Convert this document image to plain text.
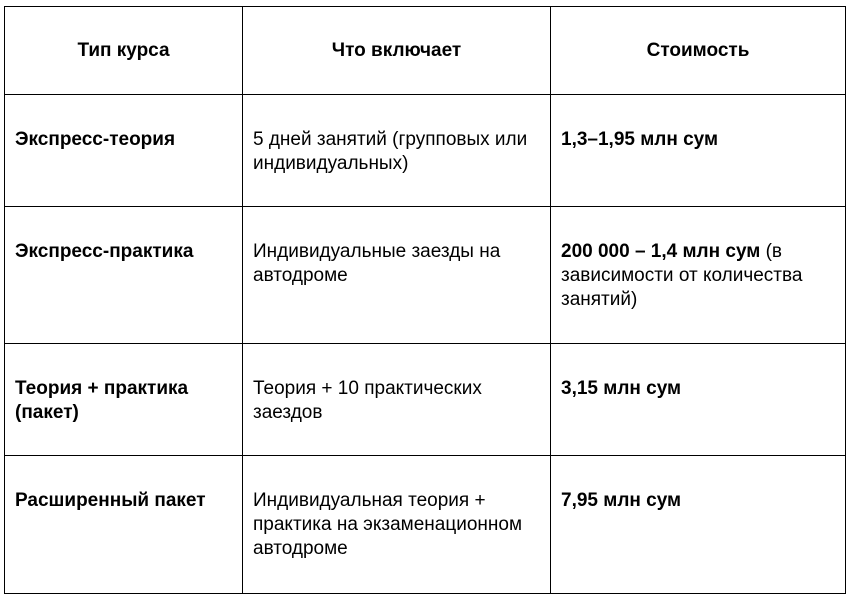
Тип курса	Что включает	Стоимость
Экспресс-теория	5 дней занятий (групповых или индивидуальных)	1,3–1,95 млн сум
Экспресс-практика	Индивидуальные заезды на автодроме	200 000 – 1,4 млн сум (в зависимости от количества занятий)
Теория + практика (пакет)	Теория + 10 практических заездов	3,15 млн сум
Расширенный пакет	Индивидуальная теория + практика на экзаменационном автодроме	7,95 млн сум
